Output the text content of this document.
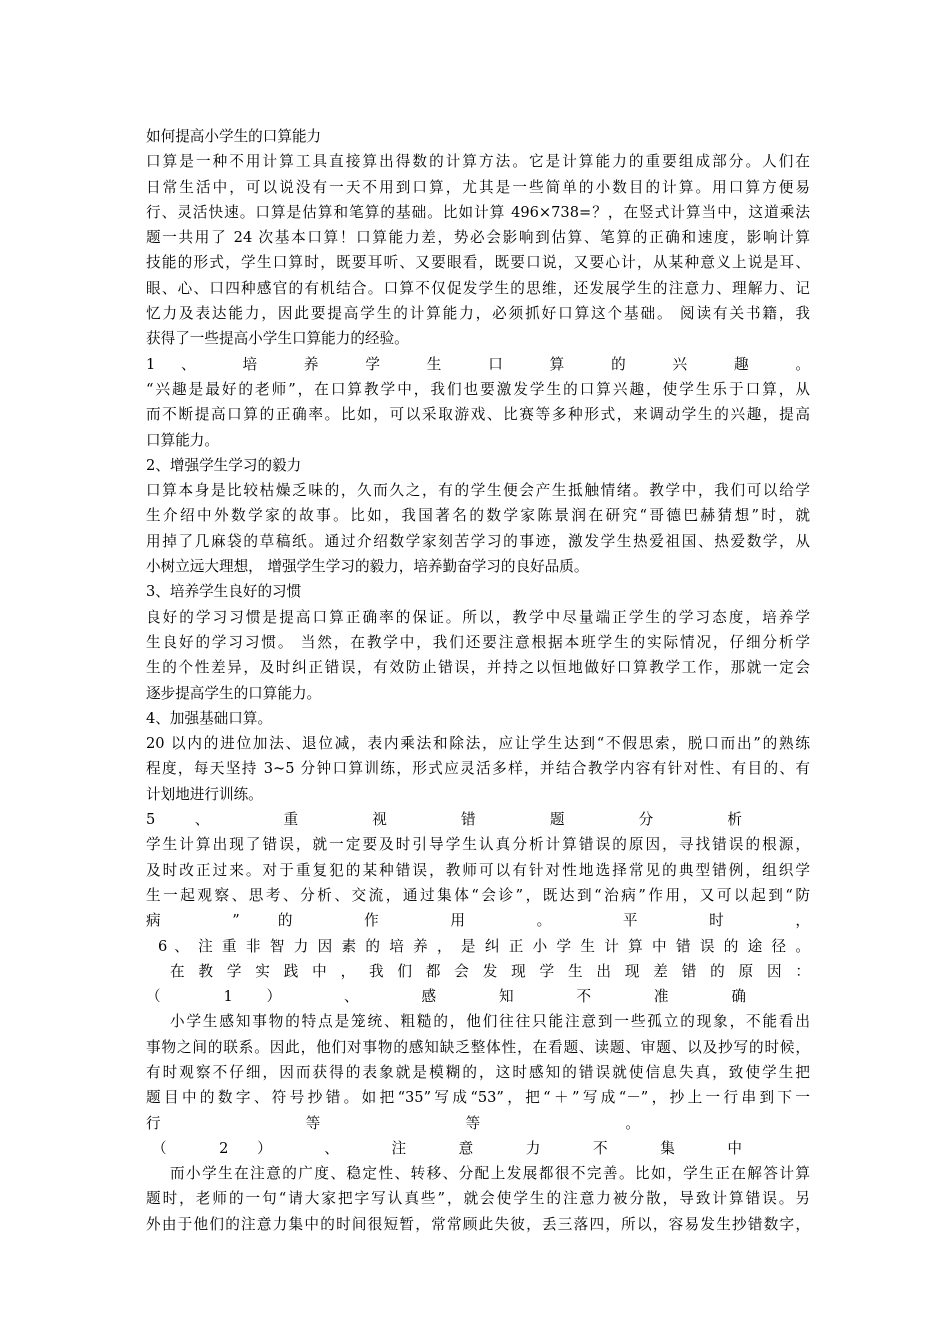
如何提高小学生的口算能力
口算是一种不用计算工具直接算出得数的计算方法。它是计算能力的重要组成部分。人们在
日常生活中，可以说没有一天不用到口算，尤其是一些简单的小数目的计算。用口算方便易
行、灵活快速。口算是估算和笔算的基础。比如计算 496×738=？，在竖式计算当中，这道乘法
题一共用了 24 次基本口算！口算能力差，势必会影响到估算、笔算的正确和速度，影响计算
技能的形式，学生口算时，既要耳听、又要眼看，既要口说，又要心计，从某种意义上说是耳、
眼、心、口四种感官的有机结合。口算不仅促发学生的思维，还发展学生的注意力、理解力、记
忆力及表达能力，因此要提高学生的计算能力，必须抓好口算这个基础。 阅读有关书籍，我
获得了一些提高小学生口算能力的经验。
1 、 培 养 学 生 口 算 的 兴 趣 。
“兴趣是最好的老师”，在口算教学中，我们也要激发学生的口算兴趣，使学生乐于口算，从
而不断提高口算的正确率。比如，可以采取游戏、比赛等多种形式，来调动学生的兴趣，提高
口算能力。
2、增强学生学习的毅力
口算本身是比较枯燥乏味的，久而久之，有的学生便会产生抵触情绪。教学中，我们可以给学
生介绍中外数学家的故事。比如，我国著名的数学家陈景润在研究“哥德巴赫猜想”时，就
用掉了几麻袋的草稿纸。通过介绍数学家刻苦学习的事迹，激发学生热爱祖国、热爱数学，从
小树立远大理想， 增强学生学习的毅力，培养勤奋学习的良好品质。
3、培养学生良好的习惯
良好的学习习惯是提高口算正确率的保证。所以，教学中尽量端正学生的学习态度，培养学
生良好的学习习惯。 当然，在教学中，我们还要注意根据本班学生的实际情况，仔细分析学
生的个性差异，及时纠正错误，有效防止错误，并持之以恒地做好口算教学工作，那就一定会
逐步提高学生的口算能力。
4、加强基础口算。
20 以内的进位加法、退位减，表内乘法和除法，应让学生达到“不假思索，脱口而出”的熟练
程度，每天坚持 3~5 分钟口算训练，形式应灵活多样，并结合教学内容有针对性、有目的、有
计划地进行训练。
5 、 重 视 错 题 分 析
学生计算出现了错误，就一定要及时引导学生认真分析计算错误的原因，寻找错误的根源，
及时改正过来。对于重复犯的某种错误，教师可以有针对性地选择常见的典型错例，组织学
生一起观察、思考、分析、交流，通过集体“会诊”，既达到“治病”作用，又可以起到“防
病 ” 的 作 用 。 平 时 ，
6 、 注 重 非 智 力 因 素 的 培 养 ， 是 纠 正 小 学 生 计 算 中 错 误 的 途 径 。
在 教 学 实 践 中 ， 我 们 都 会 发 现 学 生 出 现 差 错 的 原 因 ：
（ 1 ） 、 感 知 不 准 确
小学生感知事物的特点是笼统、粗糙的，他们往往只能注意到一些孤立的现象，不能看出
事物之间的联系。因此，他们对事物的感知缺乏整体性，在看题、读题、审题、以及抄写的时候，
有时观察不仔细，因而获得的表象就是模糊的，这时感知的错误就使信息失真，致使学生把
题目中的数字、符号抄错。如把“35”写成“53”，把“＋”写成“－”，抄上一行串到下一
行 等 等 。
（ 2 ） 、 注 意 力 不 集 中
而小学生在注意的广度、稳定性、转移、分配上发展都很不完善。比如，学生正在解答计算
题时，老师的一句“请大家把字写认真些”，就会使学生的注意力被分散，导致计算错误。另
外由于他们的注意力集中的时间很短暂，常常顾此失彼，丢三落四，所以，容易发生抄错数字，
